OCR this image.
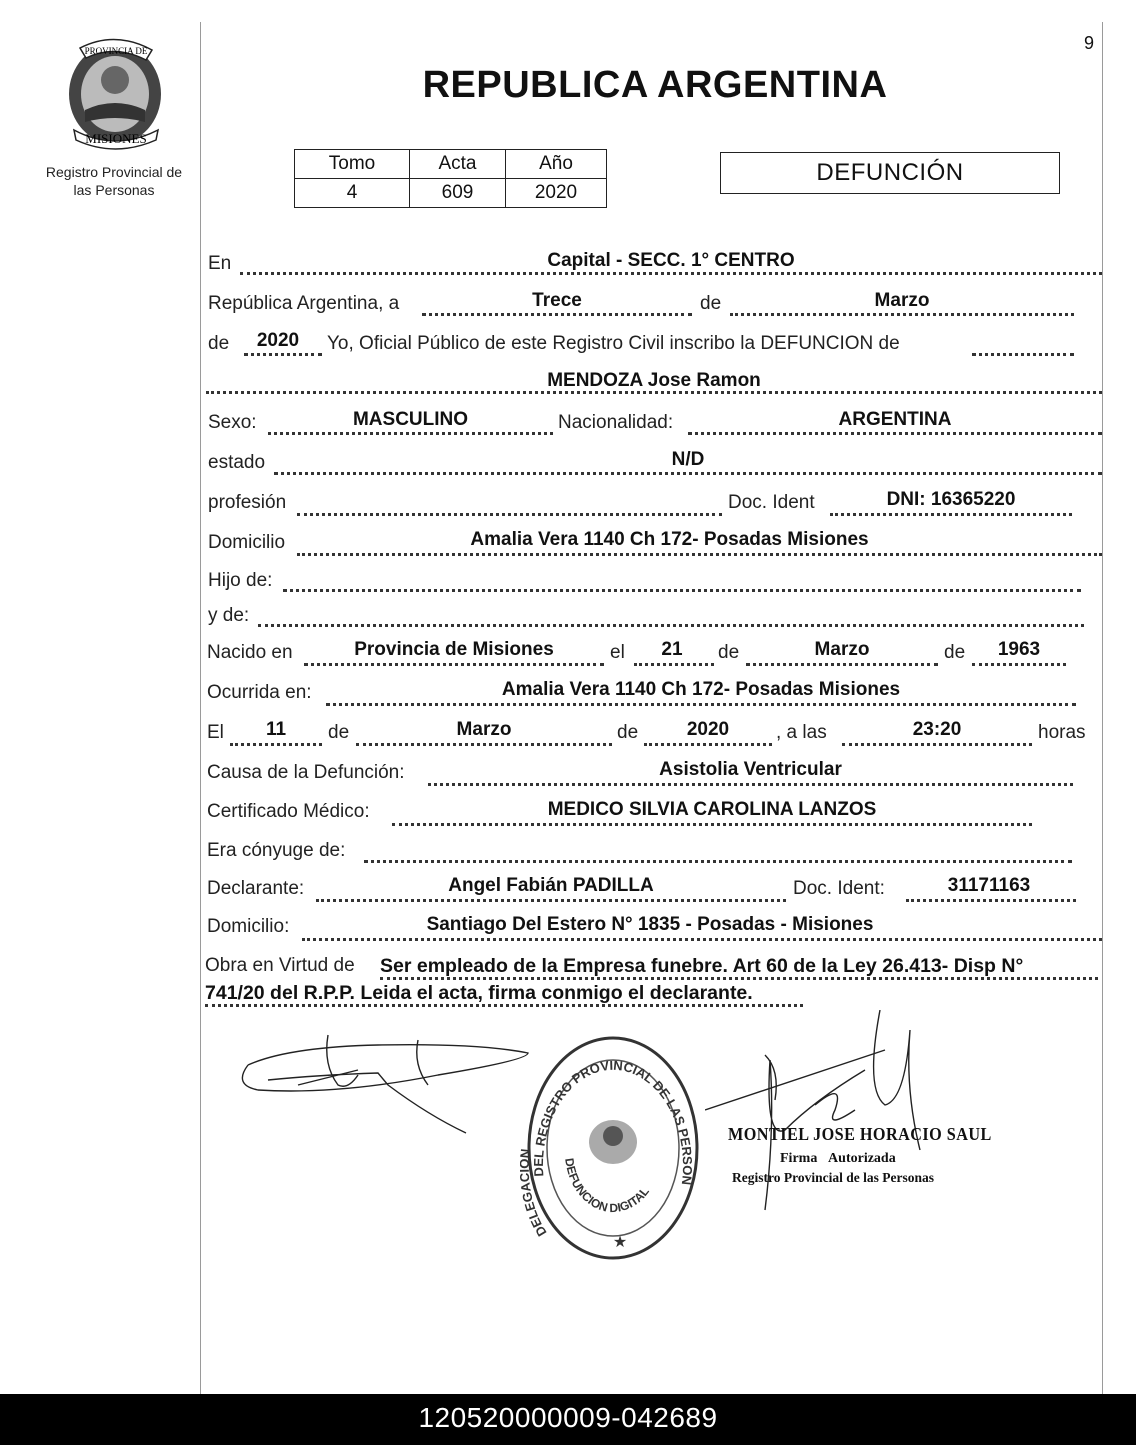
9
PROVINCIA DE
MISIONES
Registro Provincial de
las Personas
REPUBLICA ARGENTINA
Tomo	Acta	Año
4	609	2020
DEFUNCIÓN
En	Capital - SECC. 1° CENTRO
República Argentina, a	Trece	de	Marzo
de	2020	Yo, Oficial Público de este Registro Civil inscribo la DEFUNCION de
MENDOZA Jose Ramon
Sexo:	MASCULINO	Nacionalidad:	ARGENTINA
estado	N/D
profesión	Doc. Ident	DNI: 16365220
Domicilio	Amalia Vera 1140 Ch 172- Posadas Misiones
Hijo de:
y de:
Nacido en	Provincia de Misiones	el	21	de	Marzo	de	1963
Ocurrida en:	Amalia Vera 1140 Ch 172- Posadas Misiones
El	11	de	Marzo	de	2020	, a las	23:20	horas
Causa de la Defunción:	Asistolia Ventricular
Certificado Médico:	MEDICO SILVIA CAROLINA LANZOS
Era cónyuge de:
Declarante:	Angel Fabián PADILLA	Doc. Ident:	31171163
Domicilio:	Santiago Del Estero N° 1835 - Posadas - Misiones
Obra en Virtud de Ser empleado de la Empresa funebre. Art 60 de la Ley 26.413- Disp N°
741/20 del R.P.P. Leida el acta, firma conmigo el declarante.
DEL REGISTRO PROVINCIAL DE LAS PERSON
DELEG
DEFUNCION DIGITAL
★
MONTIEL JOSE HORACIO SAUL
Firma Autorizada
Registro Provincial de las Personas
120520000009-042689
